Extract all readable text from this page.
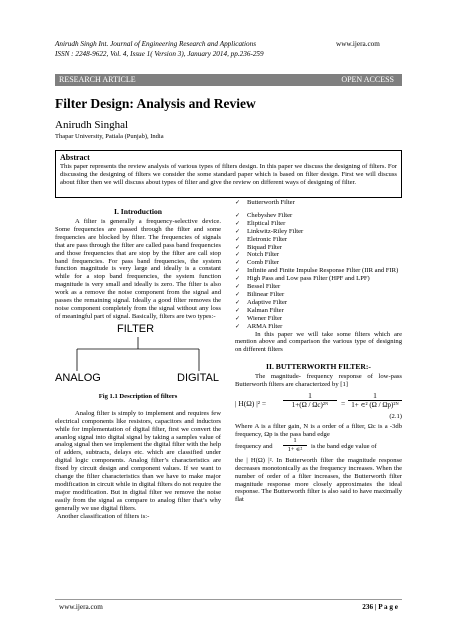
Anirudh Singh Int. Journal of Engineering Research and Applications
ISSN : 2248-9622, Vol. 4, Issue 1( Version 3), January 2014, pp.236-259
www.ijera.com
RESEARCH ARTICLE	OPEN ACCESS
Filter Design: Analysis and Review
Anirudh Singhal
Thapar University, Patiala (Punjab), India
Abstract
This paper represents the review analysis of various types of filters design. In this paper we discuss the designing of filters. For discussing the designing of filters we consider the some standard paper which is based on filter design. First we will discuss about filter then we will discuss about types of filter and give the review on different ways of designing of filter.
I. Introduction

A filter is generally a frequency-selective device. Some frequencies are passed through the filter and some frequencies are blocked by filter. The frequencies of signals that are pass through the filter are called pass band frequencies and those frequencies that are stop by the filter are call stop band frequencies. For pass band frequencies, the system function magnitude is very large and ideally is a constant while for a stop band frequencies, the system function magnitude is very small and ideally is zero. The filter is also work as a remove the noise component from the signal and passes the remaining signal. Ideally a good filter removes the noise component completely from the signal without any loss of meaningful part of signal. Basically, filters are two types:-

FILTER
ANALOG	DIGITAL
Fig 1.1 Description of filters

Analog filter is simply to implement and requires few electrical components like resistors, capacitors and inductors while for implementation of digital filter, first we convert the ananlog signal into digital signal by taking a samples value of analog signal then we implement the digital filter with the help of adders, subtracts, delays etc. which are classified under digital logic components. Analog filter’s characteristics are fixed by circuit design and component values. If we want to change the filter characteristics than we have to make major modification in circuit while in digital filters do not require the major modification. But in digital filter we remove the noise easily from the signal as compare to analog filter that’s why generally we use digital filters.

Another classification of filters is:-

✓ Butterworth Filter
✓ Chebyshev Filter
✓ Eliptical Filter
✓ Linkwitz-Riley Filter
✓ Eletronic Filter
✓ Biquad Filter
✓ Notch Filter
✓ Comb Filter
✓ Infinite and Finite Impulse Response Filter (IIR and FIR)
✓ High Pass and Low pass Filter (HPF and LPF)
✓ Bessel Filter
✓ Bilinear Filter
✓ Adaptive Filter
✓ Kalman Filter
✓ Wiener Filter
✓ ARMA Filter

In this paper we will take some filters which are mention above and comparison the various type of designing on different filters

II. BUTTERWORTH FILTER:-

The magnitude- frequency response of low-pass Butterworth filters are characterized by [1]

| H(Ω) |² =
1
1+(Ω / Ωc)²ᴺ	=
1
1+ ∊² (Ω / Ωp)²ᴺ
(2.1)

Where A is a filter gain, N is a order of a filter, Ωc is a -3db frequency, Ωp is the pass band edge

frequency and
1
1+ ∊²	is the band edge value of

the | H(Ω) |². In Butterworth filter the magnitude response decreases monotonically as the frequency increases. When the number of order of a filter increases, the Butterworth filter magnitude response more closely approximates the ideal response. The Butterworth filter is also said to have maximally flat

www.ijera.com	236 | P a g e
